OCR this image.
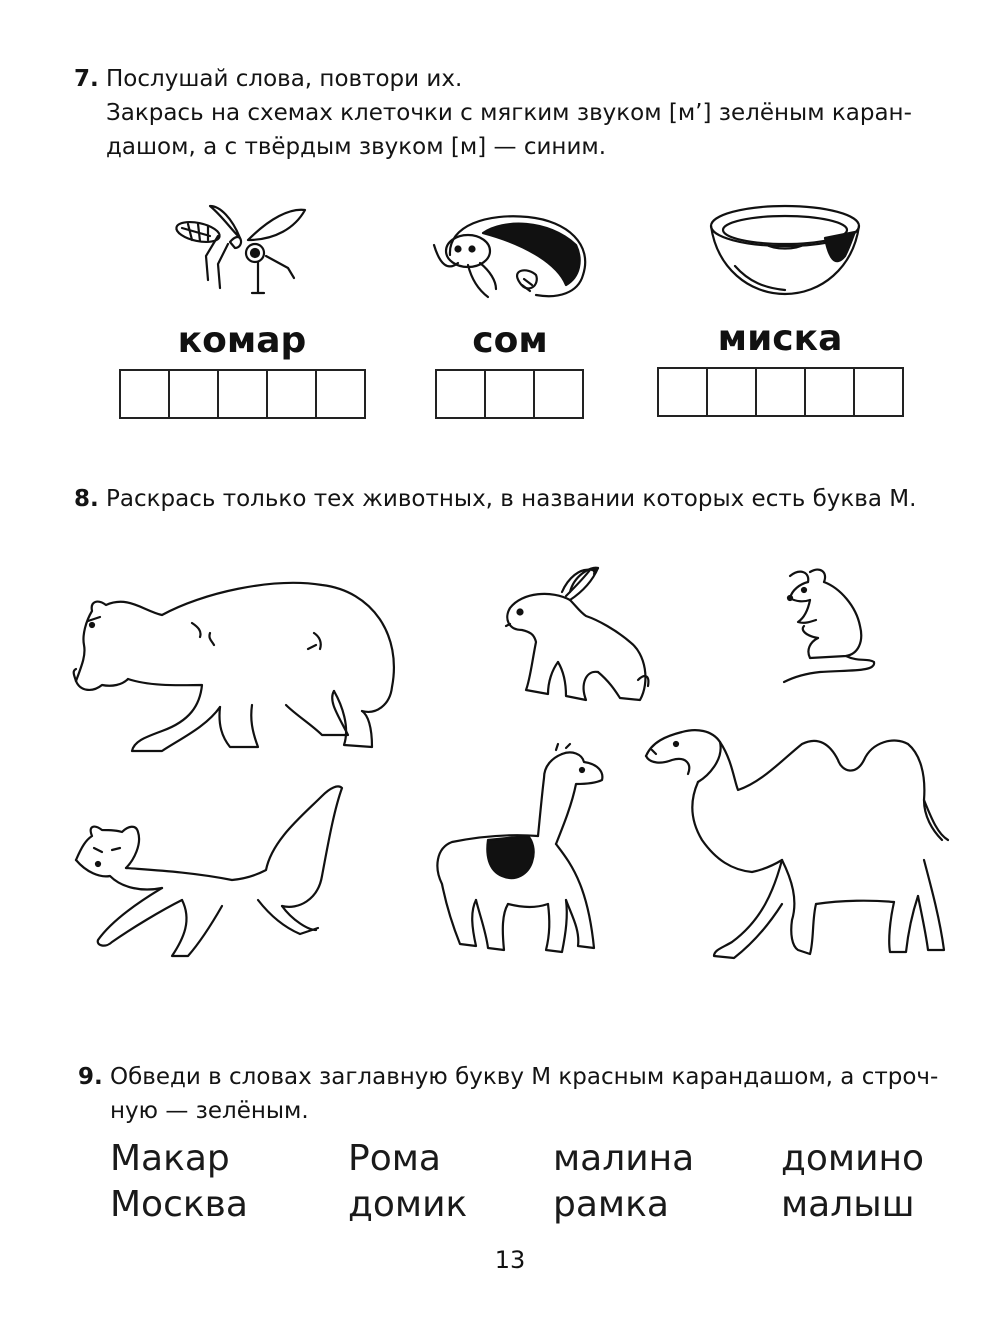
7. Послушай слова, повтори их.
Закрась на схемах клеточки с мягким звуком [м’] зелёным каран-
дашом, а с твёрдым звуком [м] — синим.
комар	сом	миска
8. Раскрась только тех животных, в названии которых есть буква М.
9. Обведи в словах заглавную букву М красным карандашом, а строч-
ную — зелёным.
Макар
Москва
Рома
домик
малина
рамка
домино
малыш
13
